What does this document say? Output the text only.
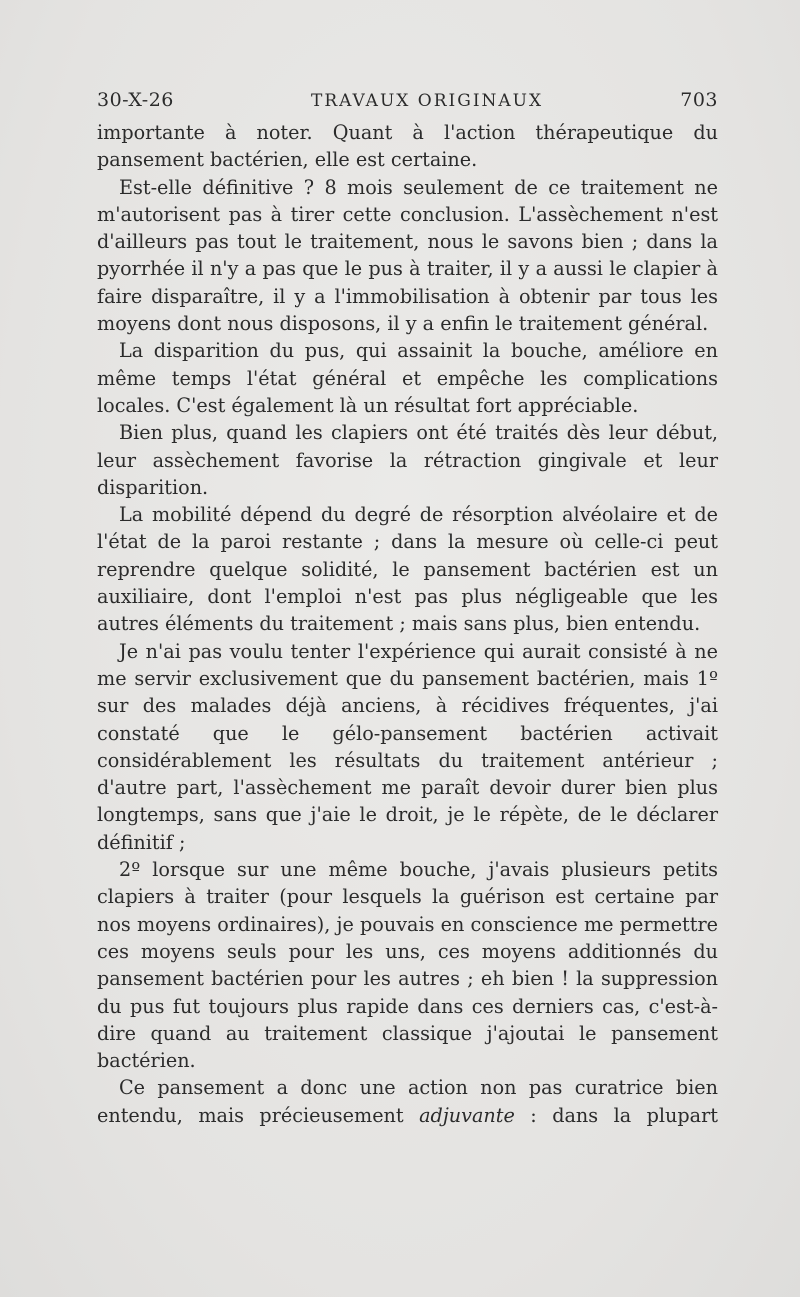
30-X-26	TRAVAUX ORIGINAUX	703

importante à noter. Quant à l'action thérapeutique du pansement bactérien, elle est certaine.

Est-elle définitive ? 8 mois seulement de ce traitement ne m'autorisent pas à tirer cette conclusion. L'assèchement n'est d'ailleurs pas tout le traitement, nous le savons bien ; dans la pyorrhée il n'y a pas que le pus à traiter, il y a aussi le clapier à faire disparaître, il y a l'immobilisation à obtenir par tous les moyens dont nous disposons, il y a enfin le traitement général.

La disparition du pus, qui assainit la bouche, améliore en même temps l'état général et empêche les complications locales. C'est également là un résultat fort appréciable.

Bien plus, quand les clapiers ont été traités dès leur début, leur assèchement favorise la rétraction gingivale et leur disparition.

La mobilité dépend du degré de résorption alvéolaire et de l'état de la paroi restante ; dans la mesure où celle-ci peut reprendre quelque solidité, le pansement bactérien est un auxiliaire, dont l'emploi n'est pas plus négligeable que les autres éléments du traitement ; mais sans plus, bien entendu.

Je n'ai pas voulu tenter l'expérience qui aurait consisté à ne me servir exclusivement que du pansement bactérien, mais 1º sur des malades déjà anciens, à récidives fréquentes, j'ai constaté que le gélo-pansement bactérien activait considérablement les résultats du traitement antérieur ; d'autre part, l'assèchement me paraît devoir durer bien plus longtemps, sans que j'aie le droit, je le répète, de le déclarer définitif ;

2º lorsque sur une même bouche, j'avais plusieurs petits clapiers à traiter (pour lesquels la guérison est certaine par nos moyens ordinaires), je pouvais en conscience me permettre ces moyens seuls pour les uns, ces moyens additionnés du pansement bactérien pour les autres ; eh bien ! la suppression du pus fut toujours plus rapide dans ces derniers cas, c'est-à-dire quand au traitement classique j'ajoutai le pansement bactérien.

Ce pansement a donc une action non pas curatrice bien entendu, mais précieusement adjuvante : dans la plupart
